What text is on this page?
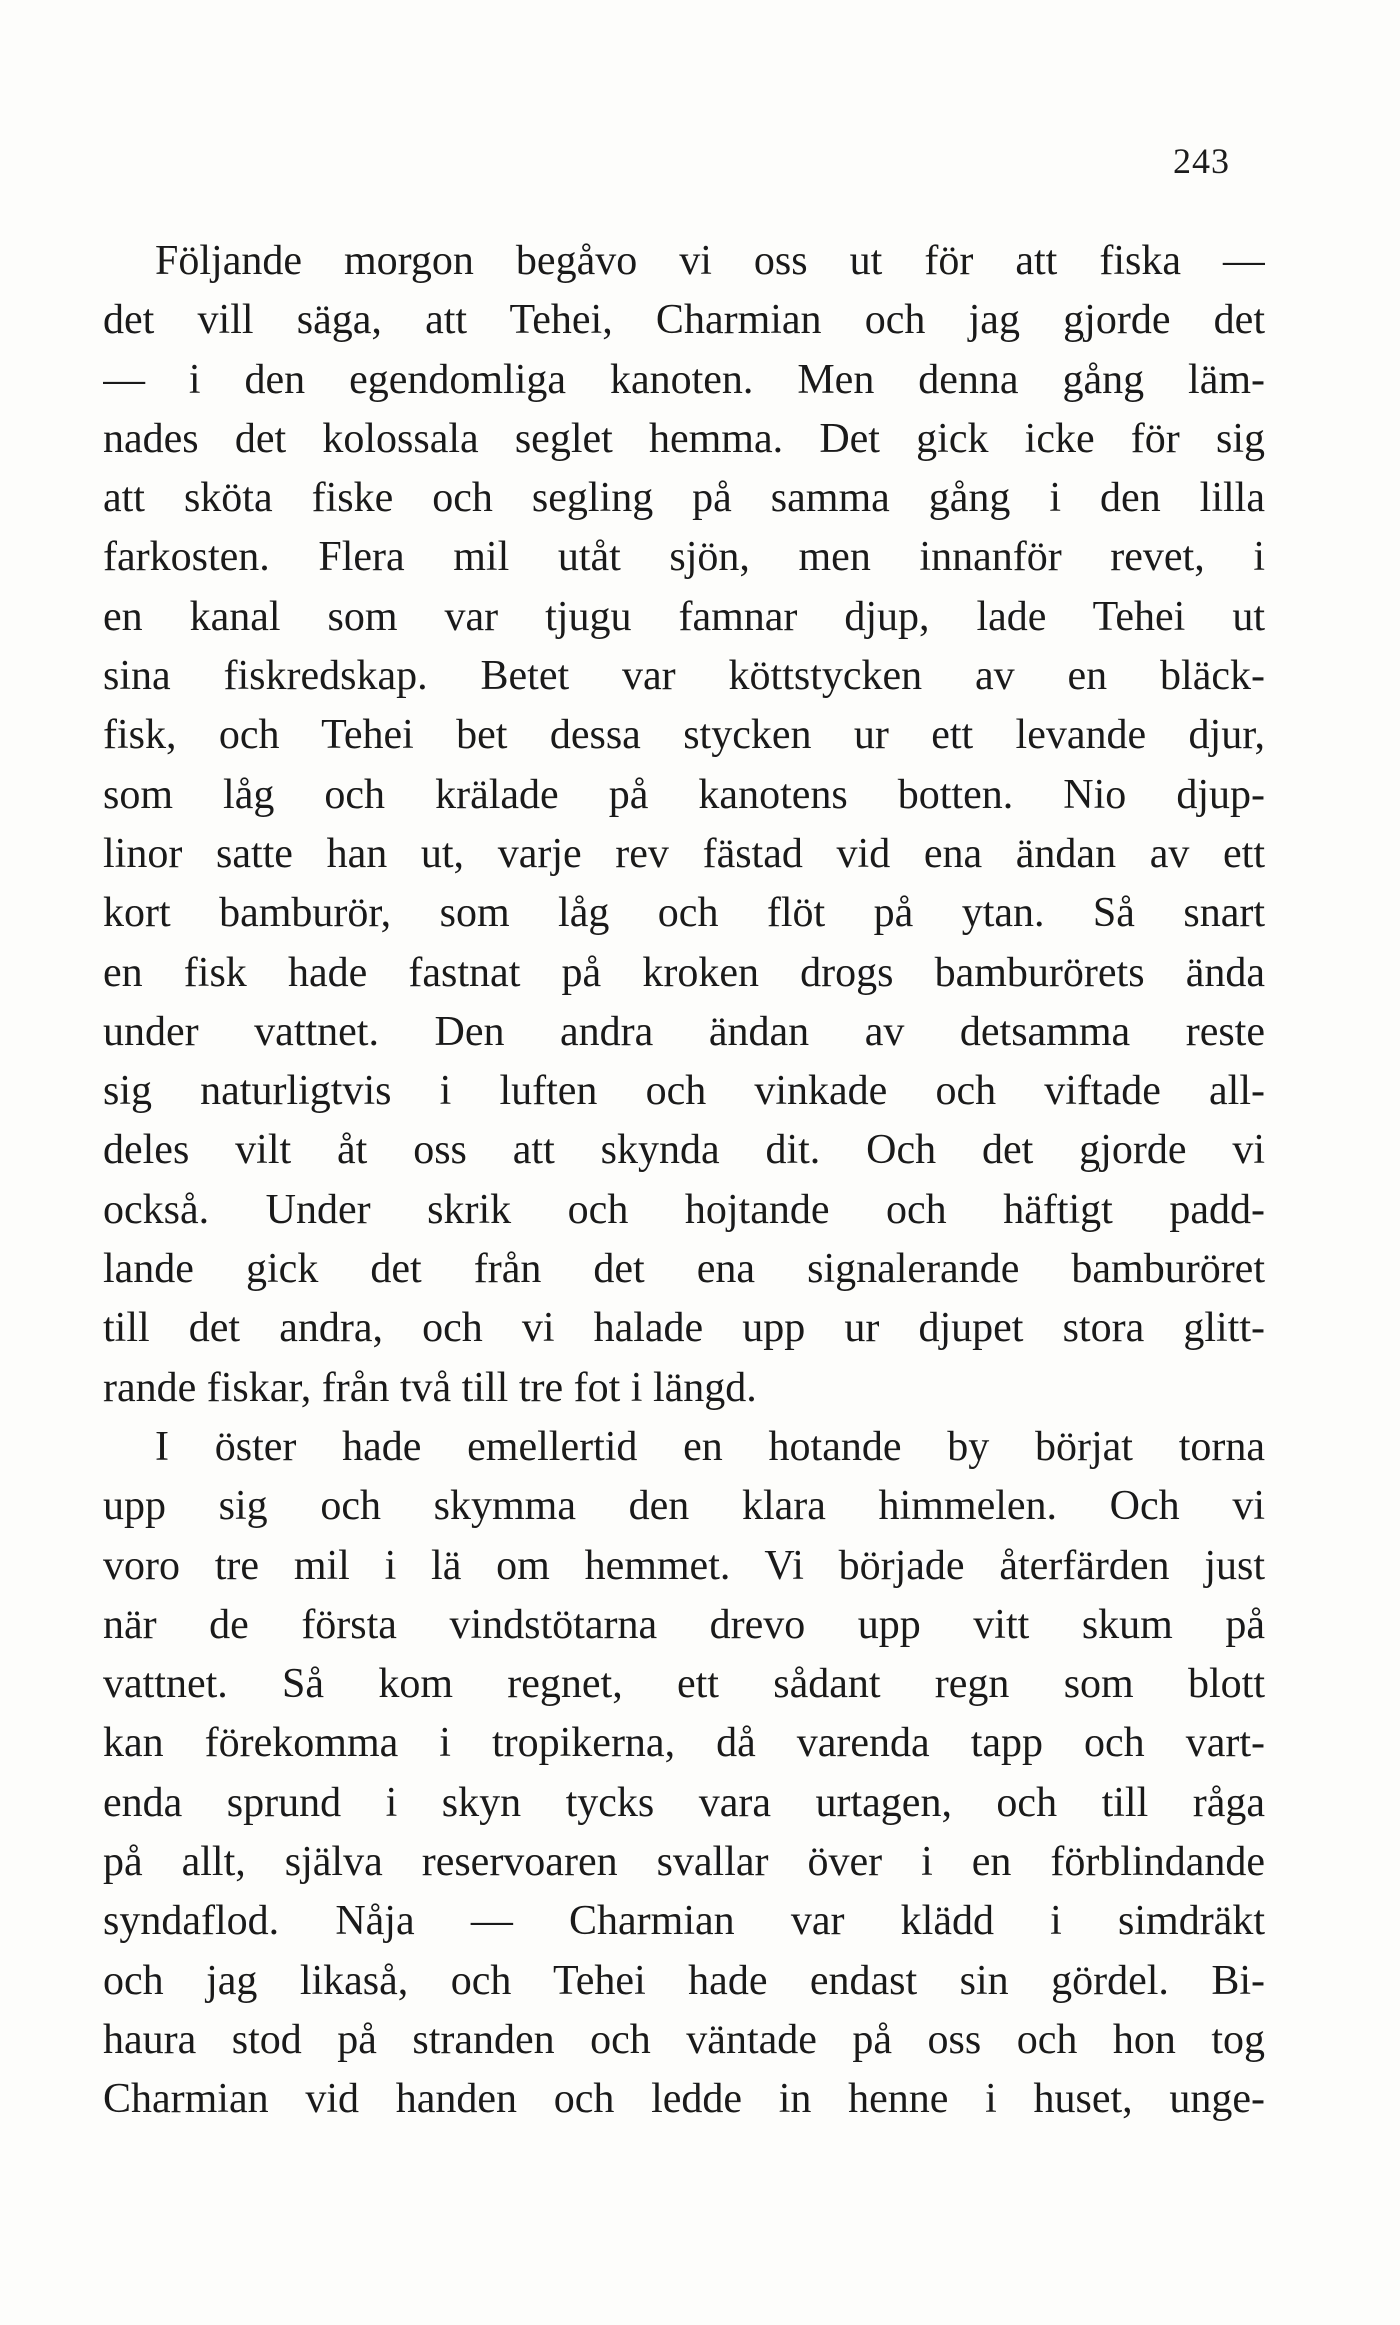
243
Följande morgon begåvo vi oss ut för att fiska —
det vill säga, att Tehei, Charmian och jag gjorde det
— i den egendomliga kanoten. Men denna gång läm-
nades det kolossala seglet hemma. Det gick icke för sig
att sköta fiske och segling på samma gång i den lilla
farkosten. Flera mil utåt sjön, men innanför revet, i
en kanal som var tjugu famnar djup, lade Tehei ut
sina fiskredskap. Betet var köttstycken av en bläck-
fisk, och Tehei bet dessa stycken ur ett levande djur,
som låg och krälade på kanotens botten. Nio djup-
linor satte han ut, varje rev fästad vid ena ändan av ett
kort bamburör, som låg och flöt på ytan. Så snart
en fisk hade fastnat på kroken drogs bamburörets ända
under vattnet. Den andra ändan av detsamma reste
sig naturligtvis i luften och vinkade och viftade all-
deles vilt åt oss att skynda dit. Och det gjorde vi
också. Under skrik och hojtande och häftigt padd-
lande gick det från det ena signalerande bamburöret
till det andra, och vi halade upp ur djupet stora glitt-
rande fiskar, från två till tre fot i längd.
I öster hade emellertid en hotande by börjat torna
upp sig och skymma den klara himmelen. Och vi
voro tre mil i lä om hemmet. Vi började återfärden just
när de första vindstötarna drevo upp vitt skum på
vattnet. Så kom regnet, ett sådant regn som blott
kan förekomma i tropikerna, då varenda tapp och vart-
enda sprund i skyn tycks vara urtagen, och till råga
på allt, själva reservoaren svallar över i en förblindande
syndaflod. Nåja — Charmian var klädd i simdräkt
och jag likaså, och Tehei hade endast sin gördel. Bi-
haura stod på stranden och väntade på oss och hon tog
Charmian vid handen och ledde in henne i huset, unge-
